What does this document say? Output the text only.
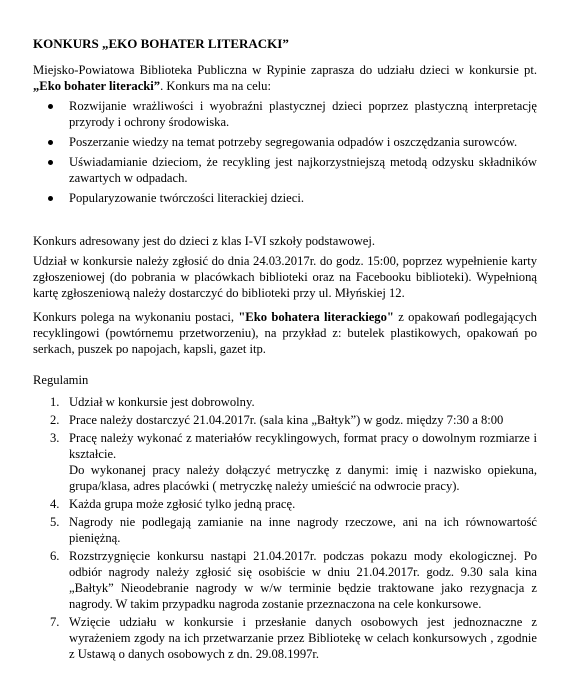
KONKURS „EKO BOHATER LITERACKI”

Miejsko-Powiatowa Biblioteka Publiczna w Rypinie zaprasza do udziału dzieci w konkursie pt. „Eko bohater literacki”. Konkurs ma na celu:

Rozwijanie wrażliwości i wyobraźni plastycznej dzieci poprzez plastyczną interpretację przyrody i ochrony środowiska.
Poszerzanie wiedzy na temat potrzeby segregowania odpadów i oszczędzania surowców.
Uświadamianie dzieciom, że recykling jest najkorzystniejszą metodą odzysku składników zawartych w odpadach.
Popularyzowanie twórczości literackiej dzieci.

Konkurs adresowany jest do dzieci z klas I-VI szkoły podstawowej.

Udział w konkursie należy zgłosić do dnia 24.03.2017r. do godz. 15:00, poprzez wypełnienie karty zgłoszeniowej (do pobrania w placówkach biblioteki oraz na Facebooku biblioteki). Wypełnioną kartę zgłoszeniową należy dostarczyć do biblioteki przy ul. Młyńskiej 12.

Konkurs polega na wykonaniu postaci, "Eko bohatera literackiego" z opakowań podlegających recyklingowi (powtórnemu przetworzeniu), na przykład z: butelek plastikowych, opakowań po serkach, puszek po napojach, kapsli, gazet itp.

Regulamin

1. Udział w konkursie jest dobrowolny.
2. Prace należy dostarczyć 21.04.2017r. (sala kina „Bałtyk”) w godz. między 7:30 a 8:00
3. Pracę należy wykonać z materiałów recyklingowych, format pracy o dowolnym rozmiarze i kształcie.
Do wykonanej pracy należy dołączyć metryczkę z danymi: imię i nazwisko opiekuna, grupa/klasa, adres placówki ( metryczkę należy umieścić na odwrocie pracy).
4. Każda grupa może zgłosić tylko jedną pracę.
5. Nagrody nie podlegają zamianie na inne nagrody rzeczowe, ani na ich równowartość pieniężną.
6. Rozstrzygnięcie konkursu nastąpi 21.04.2017r. podczas pokazu mody ekologicznej. Po odbiór nagrody należy zgłosić się osobiście w dniu 21.04.2017r. godz. 9.30 sala kina „Bałtyk” Nieodebranie nagrody w w/w terminie będzie traktowane jako rezygnacja z nagrody. W takim przypadku nagroda zostanie przeznaczona na cele konkursowe.
7. Wzięcie udziału w konkursie i przesłanie danych osobowych jest jednoznaczne z wyrażeniem zgody na ich przetwarzanie przez Bibliotekę w celach konkursowych , zgodnie z Ustawą o danych osobowych z dn. 29.08.1997r.
